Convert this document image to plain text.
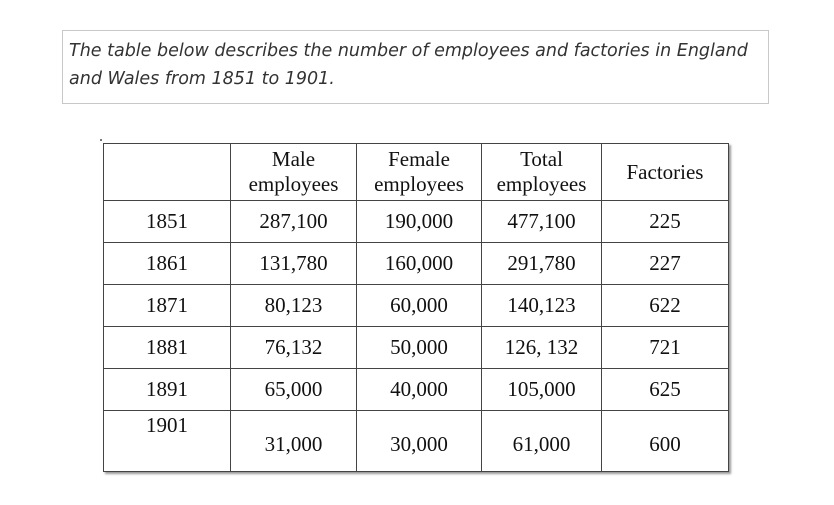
The table below describes the number of employees and factories in England and Wales from 1851 to 1901.
	Male employees	Female employees	Total employees	Factories
1851	287,100	190,000	477,100	225
1861	131,780	160,000	291,780	227
1871	80,123	60,000	140,123	622
1881	76,132	50,000	126, 132	721
1891	65,000	40,000	105,000	625
1901	31,000	30,000	61,000	600
